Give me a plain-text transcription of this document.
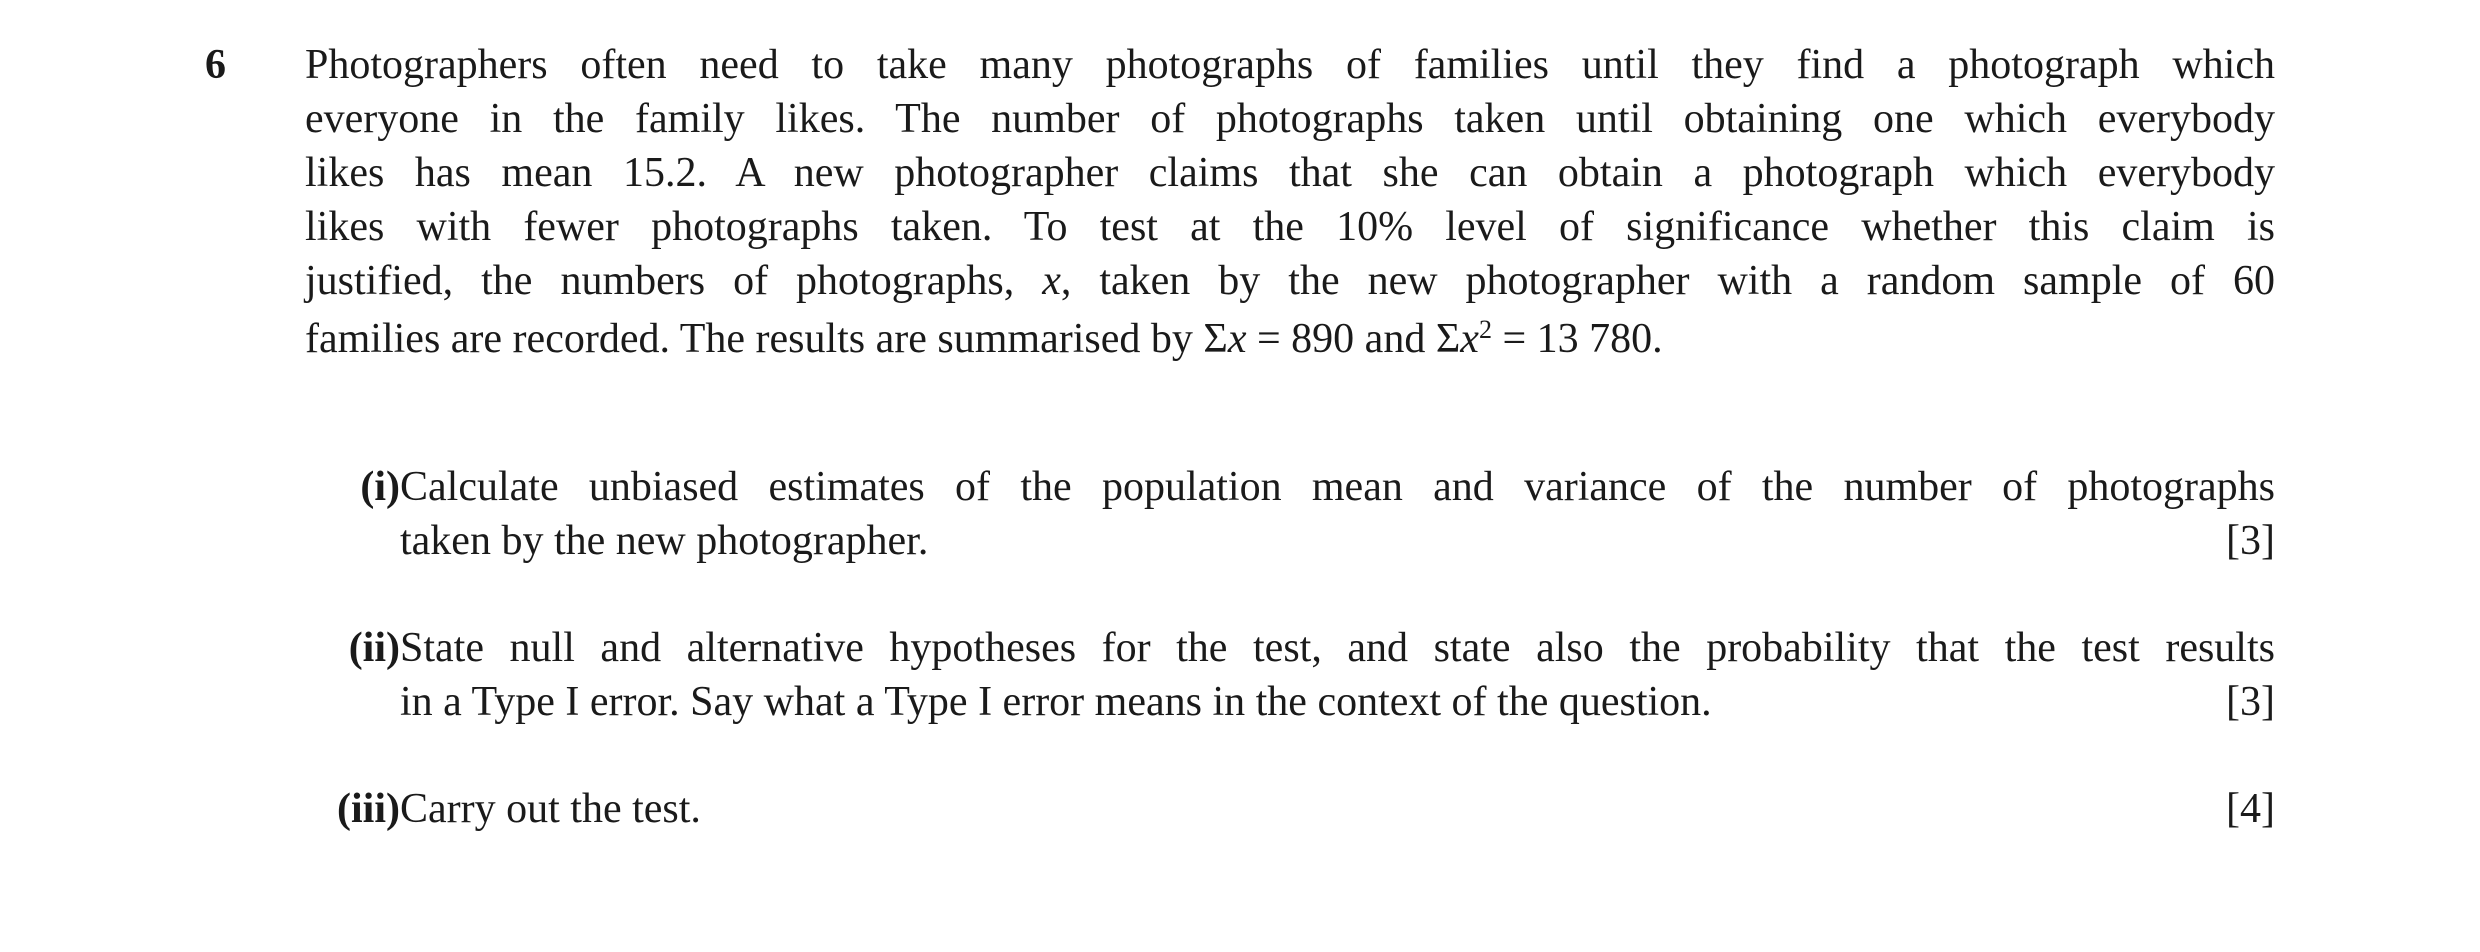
6 Photographers often need to take many photographs of families until they find a photograph which
everyone in the family likes. The number of photographs taken until obtaining one which everybody
likes has mean 15.2. A new photographer claims that she can obtain a photograph which everybody
likes with fewer photographs taken. To test at the 10% level of significance whether this claim is
justified, the numbers of photographs, x, taken by the new photographer with a random sample of 60
families are recorded. The results are summarised by Σx = 890 and $\Sigma x^2 = 13$ 780.
(i) Calculate unbiased estimates of the population mean and variance of the number of photographs
taken by the new photographer.	[3]
(ii) State null and alternative hypotheses for the test, and state also the probability that the test results
in a Type I error. Say what a Type I error means in the context of the question.	[3]
(iii) Carry out the test.	[4]
